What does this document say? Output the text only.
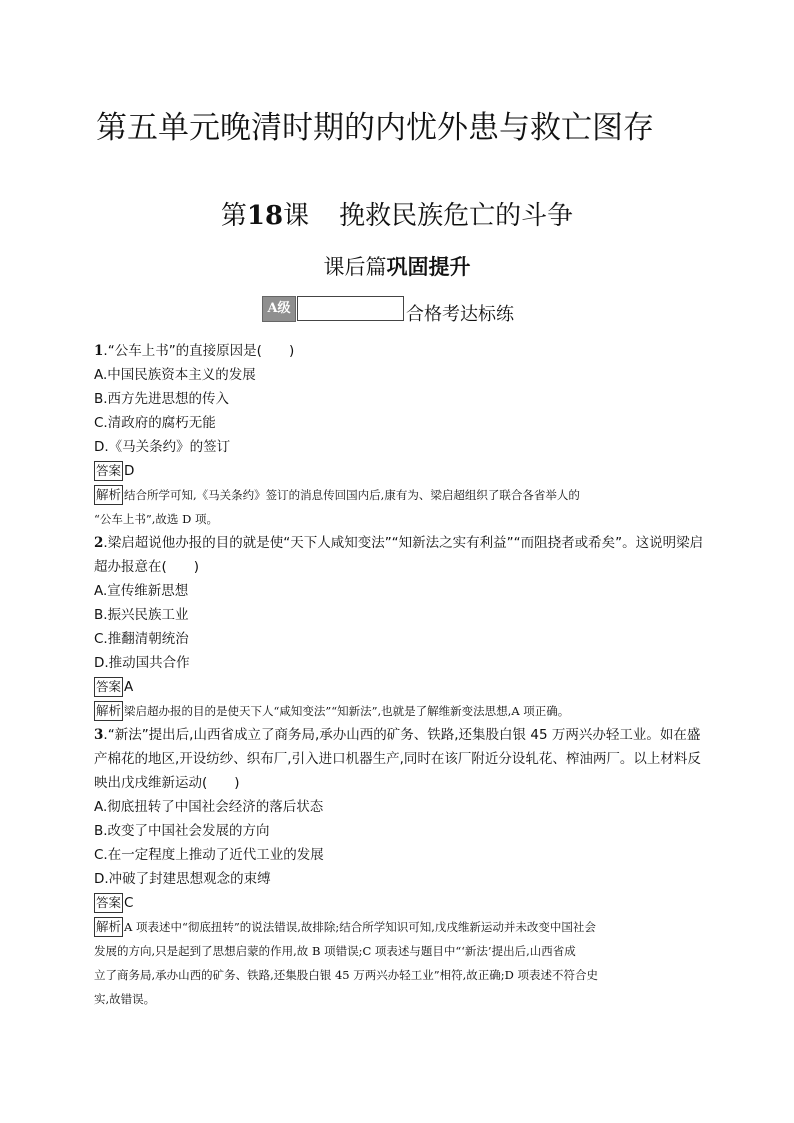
第五单元晚清时期的内忧外患与救亡图存
第18课 挽救民族危亡的斗争
课后篇巩固提升
A级	合格考达标练
1.“公车上书”的直接原因是(　　)
A.中国民族资本主义的发展
B.西方先进思想的传入
C.清政府的腐朽无能
D.《马关条约》的签订
答案 D
解析 结合所学可知,《马关条约》签订的消息传回国内后,康有为、梁启超组织了联合各省举人的
“公车上书”,故选 D 项。
2.梁启超说他办报的目的就是使“天下人咸知变法”“知新法之实有利益”“而阻挠者或希矣”。这说明梁启超办报意在(　　)
A.宣传维新思想
B.振兴民族工业
C.推翻清朝统治
D.推动国共合作
答案 A
解析 梁启超办报的目的是使天下人“咸知变法”“知新法”,也就是了解维新变法思想,A 项正确。
3.“新法”提出后,山西省成立了商务局,承办山西的矿务、铁路,还集股白银 45 万两兴办轻工业。如在盛产棉花的地区,开设纺纱、织布厂,引入进口机器生产,同时在该厂附近分设轧花、榨油两厂。以上材料反映出戊戌维新运动(　　)
A.彻底扭转了中国社会经济的落后状态
B.改变了中国社会发展的方向
C.在一定程度上推动了近代工业的发展
D.冲破了封建思想观念的束缚
答案 C
解析 A 项表述中“彻底扭转”的说法错误,故排除;结合所学知识可知,戊戌维新运动并未改变中国社会
发展的方向,只是起到了思想启蒙的作用,故 B 项错误;C 项表述与题目中“‘新法’提出后,山西省成
立了商务局,承办山西的矿务、铁路,还集股白银 45 万两兴办轻工业”相符,故正确;D 项表述不符合史
实,故错误。
